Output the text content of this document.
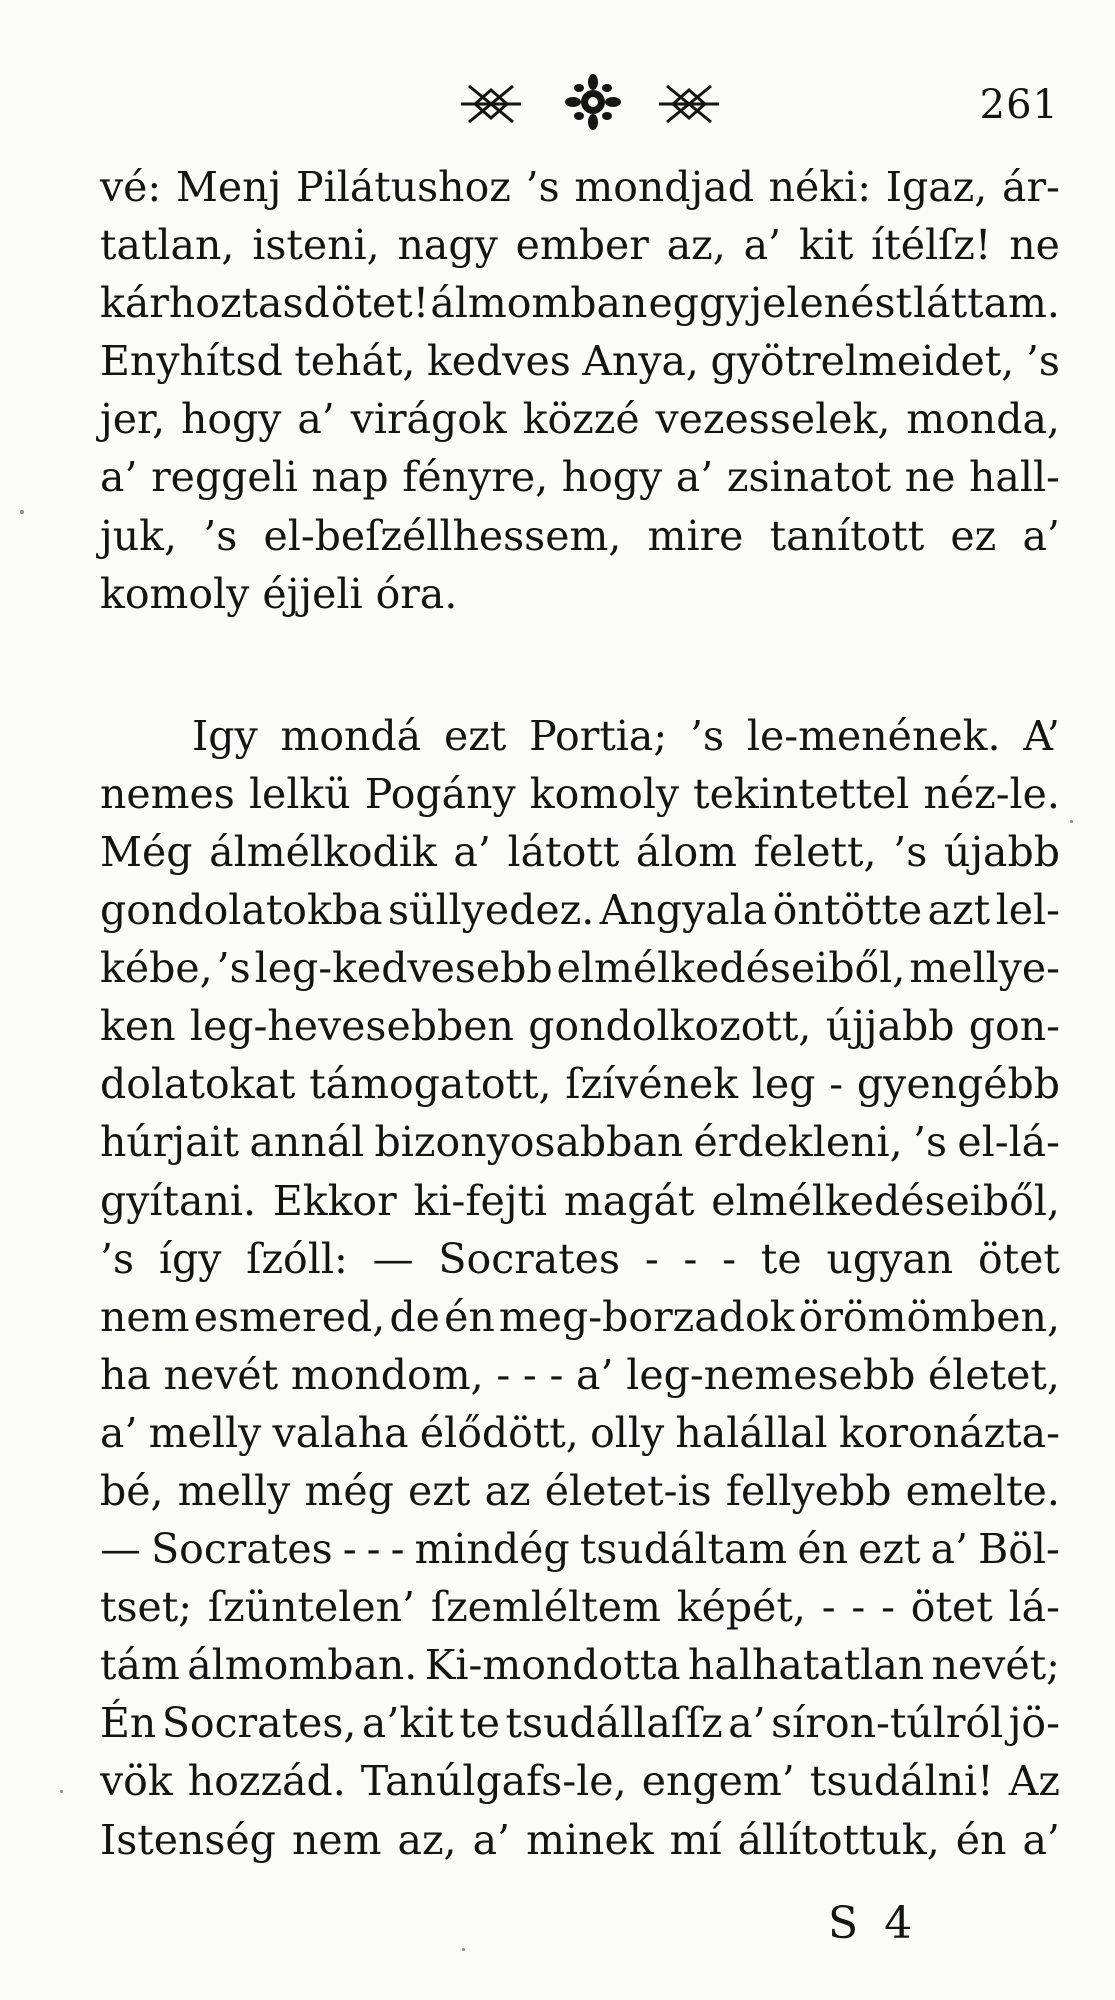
261
vé: Menj Pilátushoz ’s mondjad néki: Igaz, ár-
tatlan, isteni, nagy ember az, a’ kit ítélſz! ne
kárhoztasd ötet! álmomban eggy jelenést láttam.
Enyhítsd tehát, kedves Anya, gyötrelmeidet, ’s
jer, hogy a’ virágok közzé vezesselek, monda,
a’ reggeli nap fényre, hogy a’ zsinatot ne hall-
juk, ’s el-beſzéllhessem, mire tanított ez a’
komoly éjjeli óra.
Igy mondá ezt Portia; ’s le-menének. A’
nemes lelkü Pogány komoly tekintettel néz-le.
Még álmélkodik a’ látott álom felett, ’s újabb
gondolatokba süllyedez. Angyala öntötte azt lel-
kébe, ’s leg-kedvesebb elmélkedéseiből, mellye-
ken leg-hevesebben gondolkozott, újjabb gon-
dolatokat támogatott, ſzívének leg - gyengébb
húrjait annál bizonyosabban érdekleni, ’s el-lá-
gyítani. Ekkor ki-fejti magát elmélkedéseiből,
’s így ſzóll: — Socrates - - - te ugyan ötet
nem esmered, de én meg-borzadok örömömben,
ha nevét mondom, - - - a’ leg-nemesebb életet,
a’ melly valaha élődött, olly halállal koronázta-
bé, melly még ezt az életet-is fellyebb emelte.
— Socrates - - - mindég tsudáltam én ezt a’ Böl-
tset; ſzüntelen’ ſzemléltem képét, - - - ötet lá-
tám álmomban. Ki-mondotta halhatatlan nevét;
Én Socrates, a’kit te tsudállaſſz a’ síron-túlról jö-
vök hozzád. Tanúlgafs-le, engem’ tsudálni! Az
Istenség nem az, a’ minek mí állítottuk, én a’
S 4
